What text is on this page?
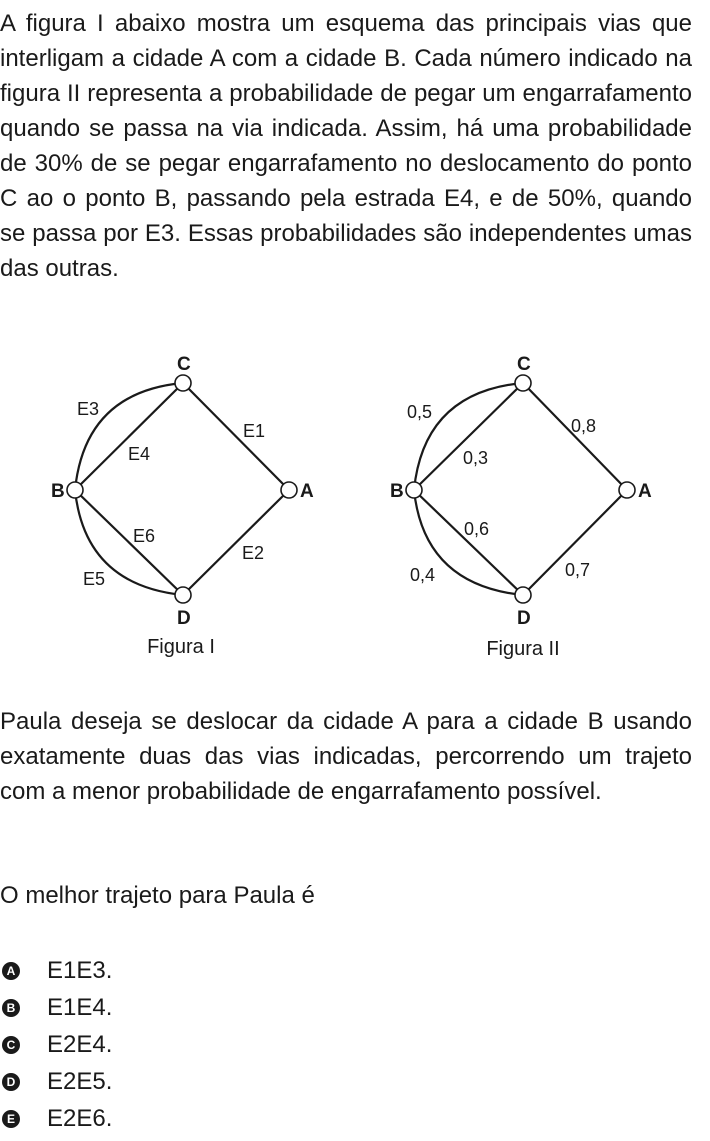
A figura I abaixo mostra um esquema das principais vias que interligam a cidade A com a cidade B. Cada número indicado na figura II representa a probabilidade de pegar um engarrafamento quando se passa na via indicada. Assim, há uma probabilidade de 30% de se pegar engarrafamento no deslocamento do ponto C ao o ponto B, passando pela estrada E4, e de 50%, quando se passa por E3. Essas probabilidades são independentes umas das outras.

C
A
B
D
E1
E2
E3
E4
E5
E6
Figura I
C
A
B
D
0,8
0,7
0,5
0,3
0,4
0,6
Figura II

Paula deseja se deslocar da cidade A para a cidade B usando exatamente duas das vias indicadas, percorrendo um trajeto com a menor probabilidade de engarrafamento possível.

O melhor trajeto para Paula é

A E1E3.
B E1E4.
C E2E4.
D E2E5.
E E2E6.
